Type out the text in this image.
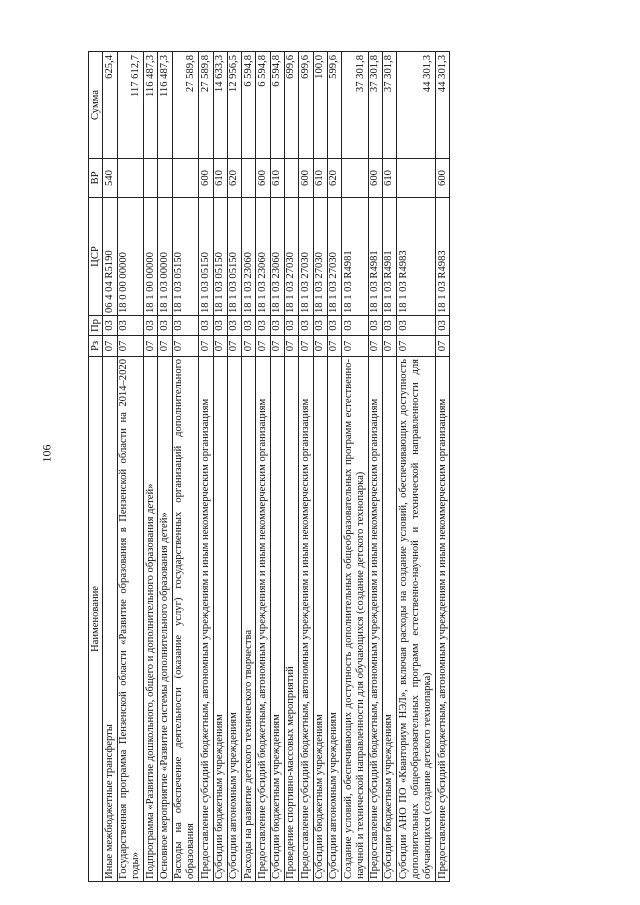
106
Наименование	Рз	Пр	ЦСР	ВР	Сумма
Иные межбюджетные трансферты	07	03	06 4 04 R5190	540	625,4
Государственная программа Пензенской области «Развитие образования в Пензенской области на 2014–2020 годы»	07	03	18 0 00 00000		117 612,7
Подпрограмма «Развитие дошкольного, общего и дополнительного образования детей»	07	03	18 1 00 00000		116 487,3
Основное мероприятие «Развитие системы дополнительного образования детей»	07	03	18 1 03 00000		116 487,3
Расходы на обеспечение деятельности (оказание услуг) государственных организаций дополнительного образования	07	03	18 1 03 05150		27 589,8
Предоставление субсидий бюджетным, автономным учреждениям и иным некоммерческим организациям	07	03	18 1 03 05150	600	27 589,8
Субсидии бюджетным учреждениям	07	03	18 1 03 05150	610	14 633,3
Субсидии автономным учреждениям	07	03	18 1 03 05150	620	12 956,5
Расходы на развитие детского технического творчества	07	03	18 1 03 23060		6 594,8
Предоставление субсидий бюджетным, автономным учреждениям и иным некоммерческим организациям	07	03	18 1 03 23060	600	6 594,8
Субсидии бюджетным учреждениям	07	03	18 1 03 23060	610	6 594,8
Проведение спортивно-массовых мероприятий	07	03	18 1 03 27030		699,6
Предоставление субсидий бюджетным, автономным учреждениям и иным некоммерческим организациям	07	03	18 1 03 27030	600	699,6
Субсидии бюджетным учреждениям	07	03	18 1 03 27030	610	100,0
Субсидии автономным учреждениям	07	03	18 1 03 27030	620	599,6
Создание условий, обеспечивающих доступность дополнительных общеобразовательных программ естественно-научной и технической направленности для обучающихся (создание детского технопарка)	07	03	18 1 03 R4981		37 301,8
Предоставление субсидий бюджетным, автономным учреждениям и иным некоммерческим организациям	07	03	18 1 03 R4981	600	37 301,8
Субсидии бюджетным учреждениям	07	03	18 1 03 R4981	610	37 301,8
Субсидии АНО ПО «Кванториум НЭЛ», включая расходы на создание условий, обеспечивающих доступность дополнительных общеобразовательных программ естественно-научной и технической направленности для обучающихся (создание детского технопарка)	07	03	18 1 03 R4983		44 301,3
Предоставление субсидий бюджетным, автономным учреждениям и иным некоммерческим организациям	07	03	18 1 03 R4983	600	44 301,3
